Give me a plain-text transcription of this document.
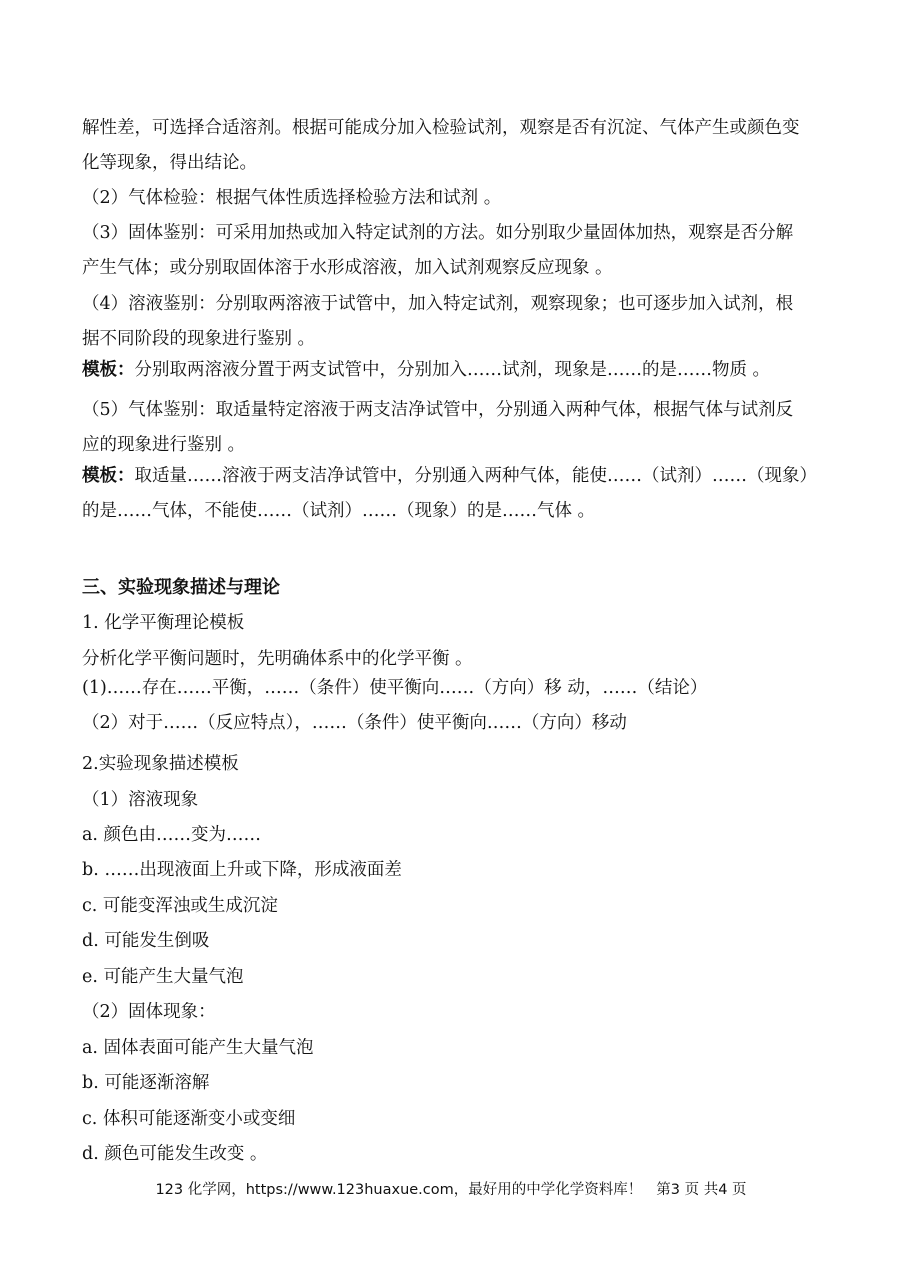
解性差，可选择合适溶剂。根据可能成分加入检验试剂，观察是否有沉淀、气体产生或颜色变
化等现象，得出结论。
（2）气体检验：根据气体性质选择检验方法和试剂 。
（3）固体鉴别：可采用加热或加入特定试剂的方法。如分别取少量固体加热，观察是否分解
产生气体；或分别取固体溶于水形成溶液，加入试剂观察反应现象 。
（4）溶液鉴别：分别取两溶液于试管中，加入特定试剂，观察现象；也可逐步加入试剂，根
据不同阶段的现象进行鉴别 。
模板：分别取两溶液分置于两支试管中，分别加入……试剂，现象是……的是……物质 。
（5）气体鉴别：取适量特定溶液于两支洁净试管中，分别通入两种气体，根据气体与试剂反
应的现象进行鉴别 。
模板：取适量……溶液于两支洁净试管中，分别通入两种气体，能使……（试剂）……（现象）
的是……气体，不能使……（试剂）……（现象）的是……气体 。
三、实验现象描述与理论
1. 化学平衡理论模板
分析化学平衡问题时，先明确体系中的化学平衡 。
(1)……存在……平衡，……（条件）使平衡向……（方向）移 动，……（结论）
（2）对于……（反应特点），……（条件）使平衡向……（方向）移动
2.实验现象描述模板
（1）溶液现象
a. 颜色由……变为……
b. ……出现液面上升或下降，形成液面差
c. 可能变浑浊或生成沉淀
d. 可能发生倒吸
e. 可能产生大量气泡
（2）固体现象：
a. 固体表面可能产生大量气泡
b. 可能逐渐溶解
c. 体积可能逐渐变小或变细
d. 颜色可能发生改变 。
123 化学网，https://www.123huaxue.com，最好用的中学化学资料库！ 第3 页 共4 页
